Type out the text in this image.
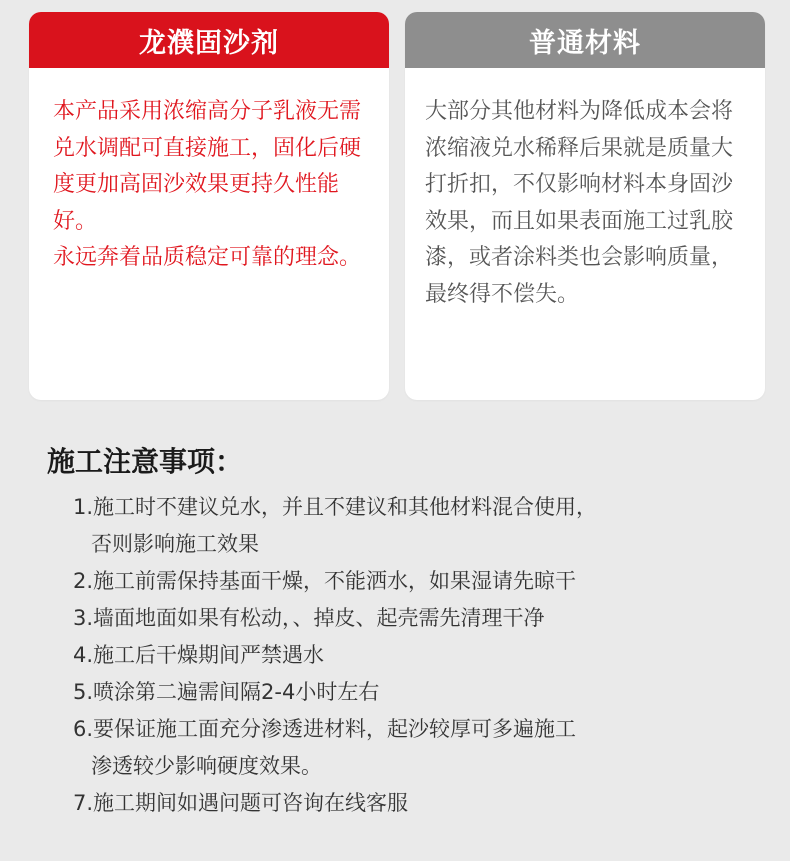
龙濮固沙剂

本产品采用浓缩高分子乳液无需兑水调配可直接施工，固化后硬度更加高固沙效果更持久性能好。

永远奔着品质稳定可靠的理念。

普通材料

大部分其他材料为降低成本会将浓缩液兑水稀释后果就是质量大打折扣，不仅影响材料本身固沙效果，而且如果表面施工过乳胶漆，或者涂料类也会影响质量，最终得不偿失。

施工注意事项：
1.施工时不建议兑水，并且不建议和其他材料混合使用，
否则影响施工效果
2.施工前需保持基面干燥，不能洒水，如果湿请先晾干
3.墙面地面如果有松动，、掉皮、起壳需先清理干净
4.施工后干燥期间严禁遇水
5.喷涂第二遍需间隔2-4小时左右
6.要保证施工面充分渗透进材料，起沙较厚可多遍施工
渗透较少影响硬度效果。
7.施工期间如遇问题可咨询在线客服
